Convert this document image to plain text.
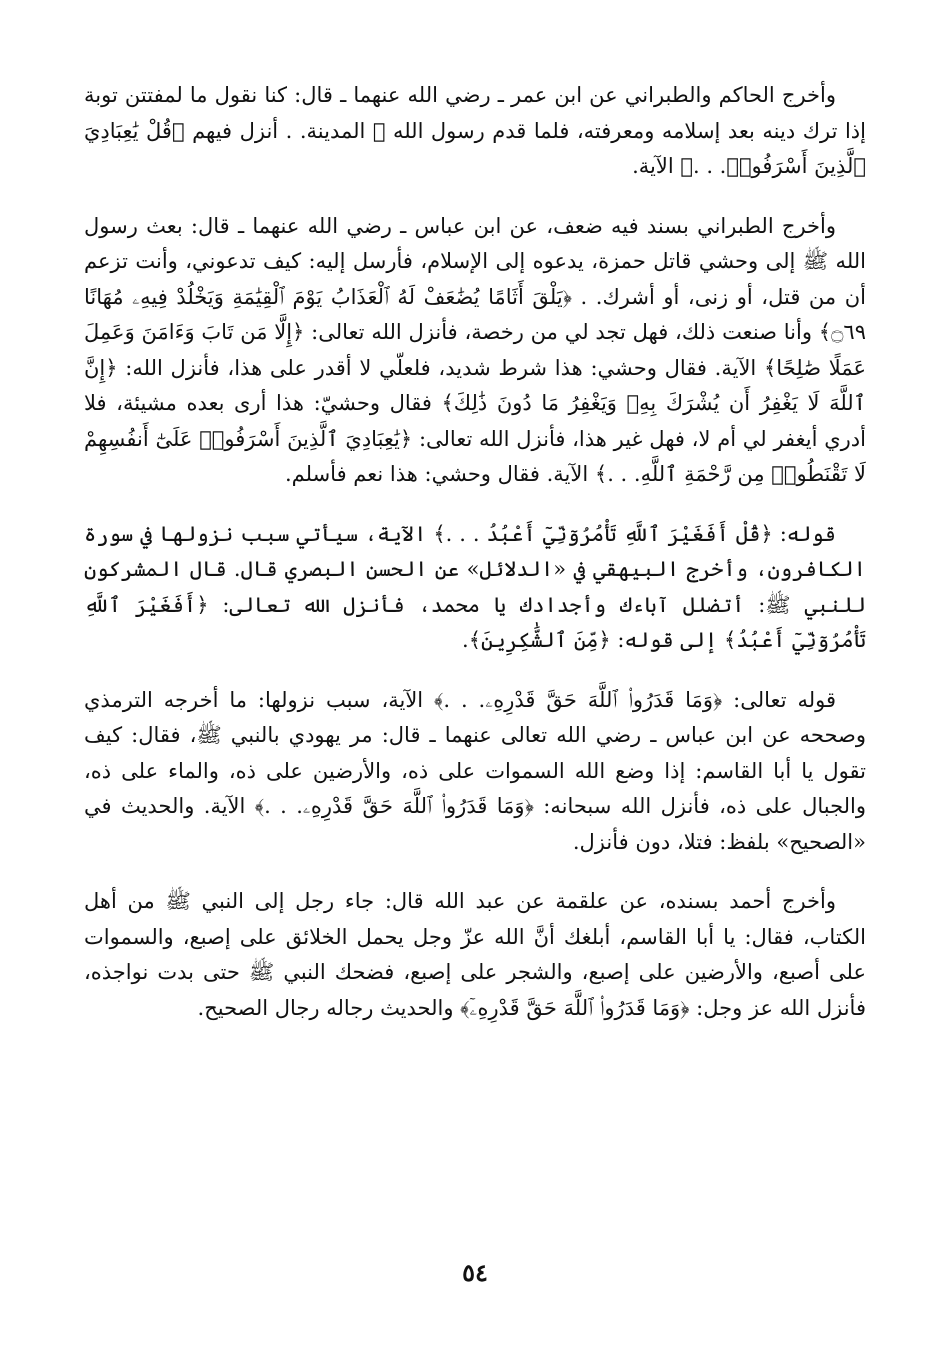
وأخرج الحاكم والطبراني عن ابن عمر ـ رضي الله عنهما ـ قال: كنا نقول ما لمفتتن توبة إذا ترك دينه بعد إسلامه ومعرفته، فلما قدم رسول الله ﷺ المدينة. . أنزل فيهم ﴿قُلْ يَٰعِبَادِيَ ٱلَّذِينَ أَسْرَفُوا۟. . .﴾ الآية.

وأخرج الطبراني بسند فيه ضعف، عن ابن عباس ـ رضي الله عنهما ـ قال: بعث رسول الله ﷺ إلى وحشي قاتل حمزة، يدعوه إلى الإسلام، فأرسل إليه: كيف تدعوني، وأنت تزعم أن من قتل، أو زنى، أو أشرك. . ﴿يَلْقَ أَثَامًا يُضَٰعَفْ لَهُ ٱلْعَذَابُ يَوْمَ ٱلْقِيَٰمَةِ وَيَخْلُدْ فِيهِۦ مُهَانًا ۝٦٩﴾ وأنا صنعت ذلك، فهل تجد لي من رخصة، فأنزل الله تعالى: ﴿إِلَّا مَن تَابَ وَءَامَنَ وَعَمِلَ عَمَلًا صَٰلِحًا﴾ الآية. فقال وحشي: هذا شرط شديد، فلعلّي لا أقدر على هذا، فأنزل الله: ﴿إِنَّ ٱللَّهَ لَا يَغْفِرُ أَن يُشْرَكَ بِهِۦ وَيَغْفِرُ مَا دُونَ ذَٰلِكَ﴾ فقال وحشيّ: هذا أرى بعده مشيئة، فلا أدري أيغفر لي أم لا، فهل غير هذا، فأنزل الله تعالى: ﴿يَٰعِبَادِيَ ٱلَّذِينَ أَسْرَفُوا۟ عَلَىٰٓ أَنفُسِهِمْ لَا تَقْنَطُوا۟ مِن رَّحْمَةِ ٱللَّهِ. . .﴾ الآية. فقال وحشي: هذا نعم فأسلم.

قوله: ﴿قُلْ أَفَغَيْرَ ٱللَّهِ تَأْمُرُوٓنِّيٓ أَعْبُدُ . . .﴾ الآية، سيأتي سبب نزولها في سورة الكافرون، وأخرج البيهقي في «الدلائل» عن الحسن البصري قال. قال المشركون للنبي ﷺ: أتضلل آباءك وأجدادك يا محمد، فأنزل الله تعالى: ﴿أَفَغَيْرَ ٱللَّهِ تَأْمُرُوٓنِّيٓ أَعْبُدُ﴾ إلى قوله: ﴿مِّنَ ٱلشَّٰكِرِينَ﴾.

قوله تعالى: ﴿وَمَا قَدَرُوا۟ ٱللَّهَ حَقَّ قَدْرِهِۦ. . .﴾ الآية، سبب نزولها: ما أخرجه الترمذي وصححه عن ابن عباس ـ رضي الله تعالى عنهما ـ قال: مر يهودي بالنبي ﷺ، فقال: كيف تقول يا أبا القاسم: إذا وضع الله السموات على ذه، والأرضين على ذه، والماء على ذه، والجبال على ذه، فأنزل الله سبحانه: ﴿وَمَا قَدَرُوا۟ ٱللَّهَ حَقَّ قَدْرِهِۦ. . .﴾ الآية. والحديث في «الصحيح» بلفظ: فتلا، دون فأنزل.

وأخرج أحمد بسنده، عن علقمة عن عبد الله قال: جاء رجل إلى النبي ﷺ من أهل الكتاب، فقال: يا أبا القاسم، أبلغك أنَّ الله عزّ وجل يحمل الخلائق على إصبع، والسموات على أصبع، والأرضين على إصبع، والشجر على إصبع، فضحك النبي ﷺ حتى بدت نواجذه، فأنزل الله عز وجل: ﴿وَمَا قَدَرُوا۟ ٱللَّهَ حَقَّ قَدْرِهِۦٓ﴾ والحديث رجاله رجال الصحيح.

٥٤
